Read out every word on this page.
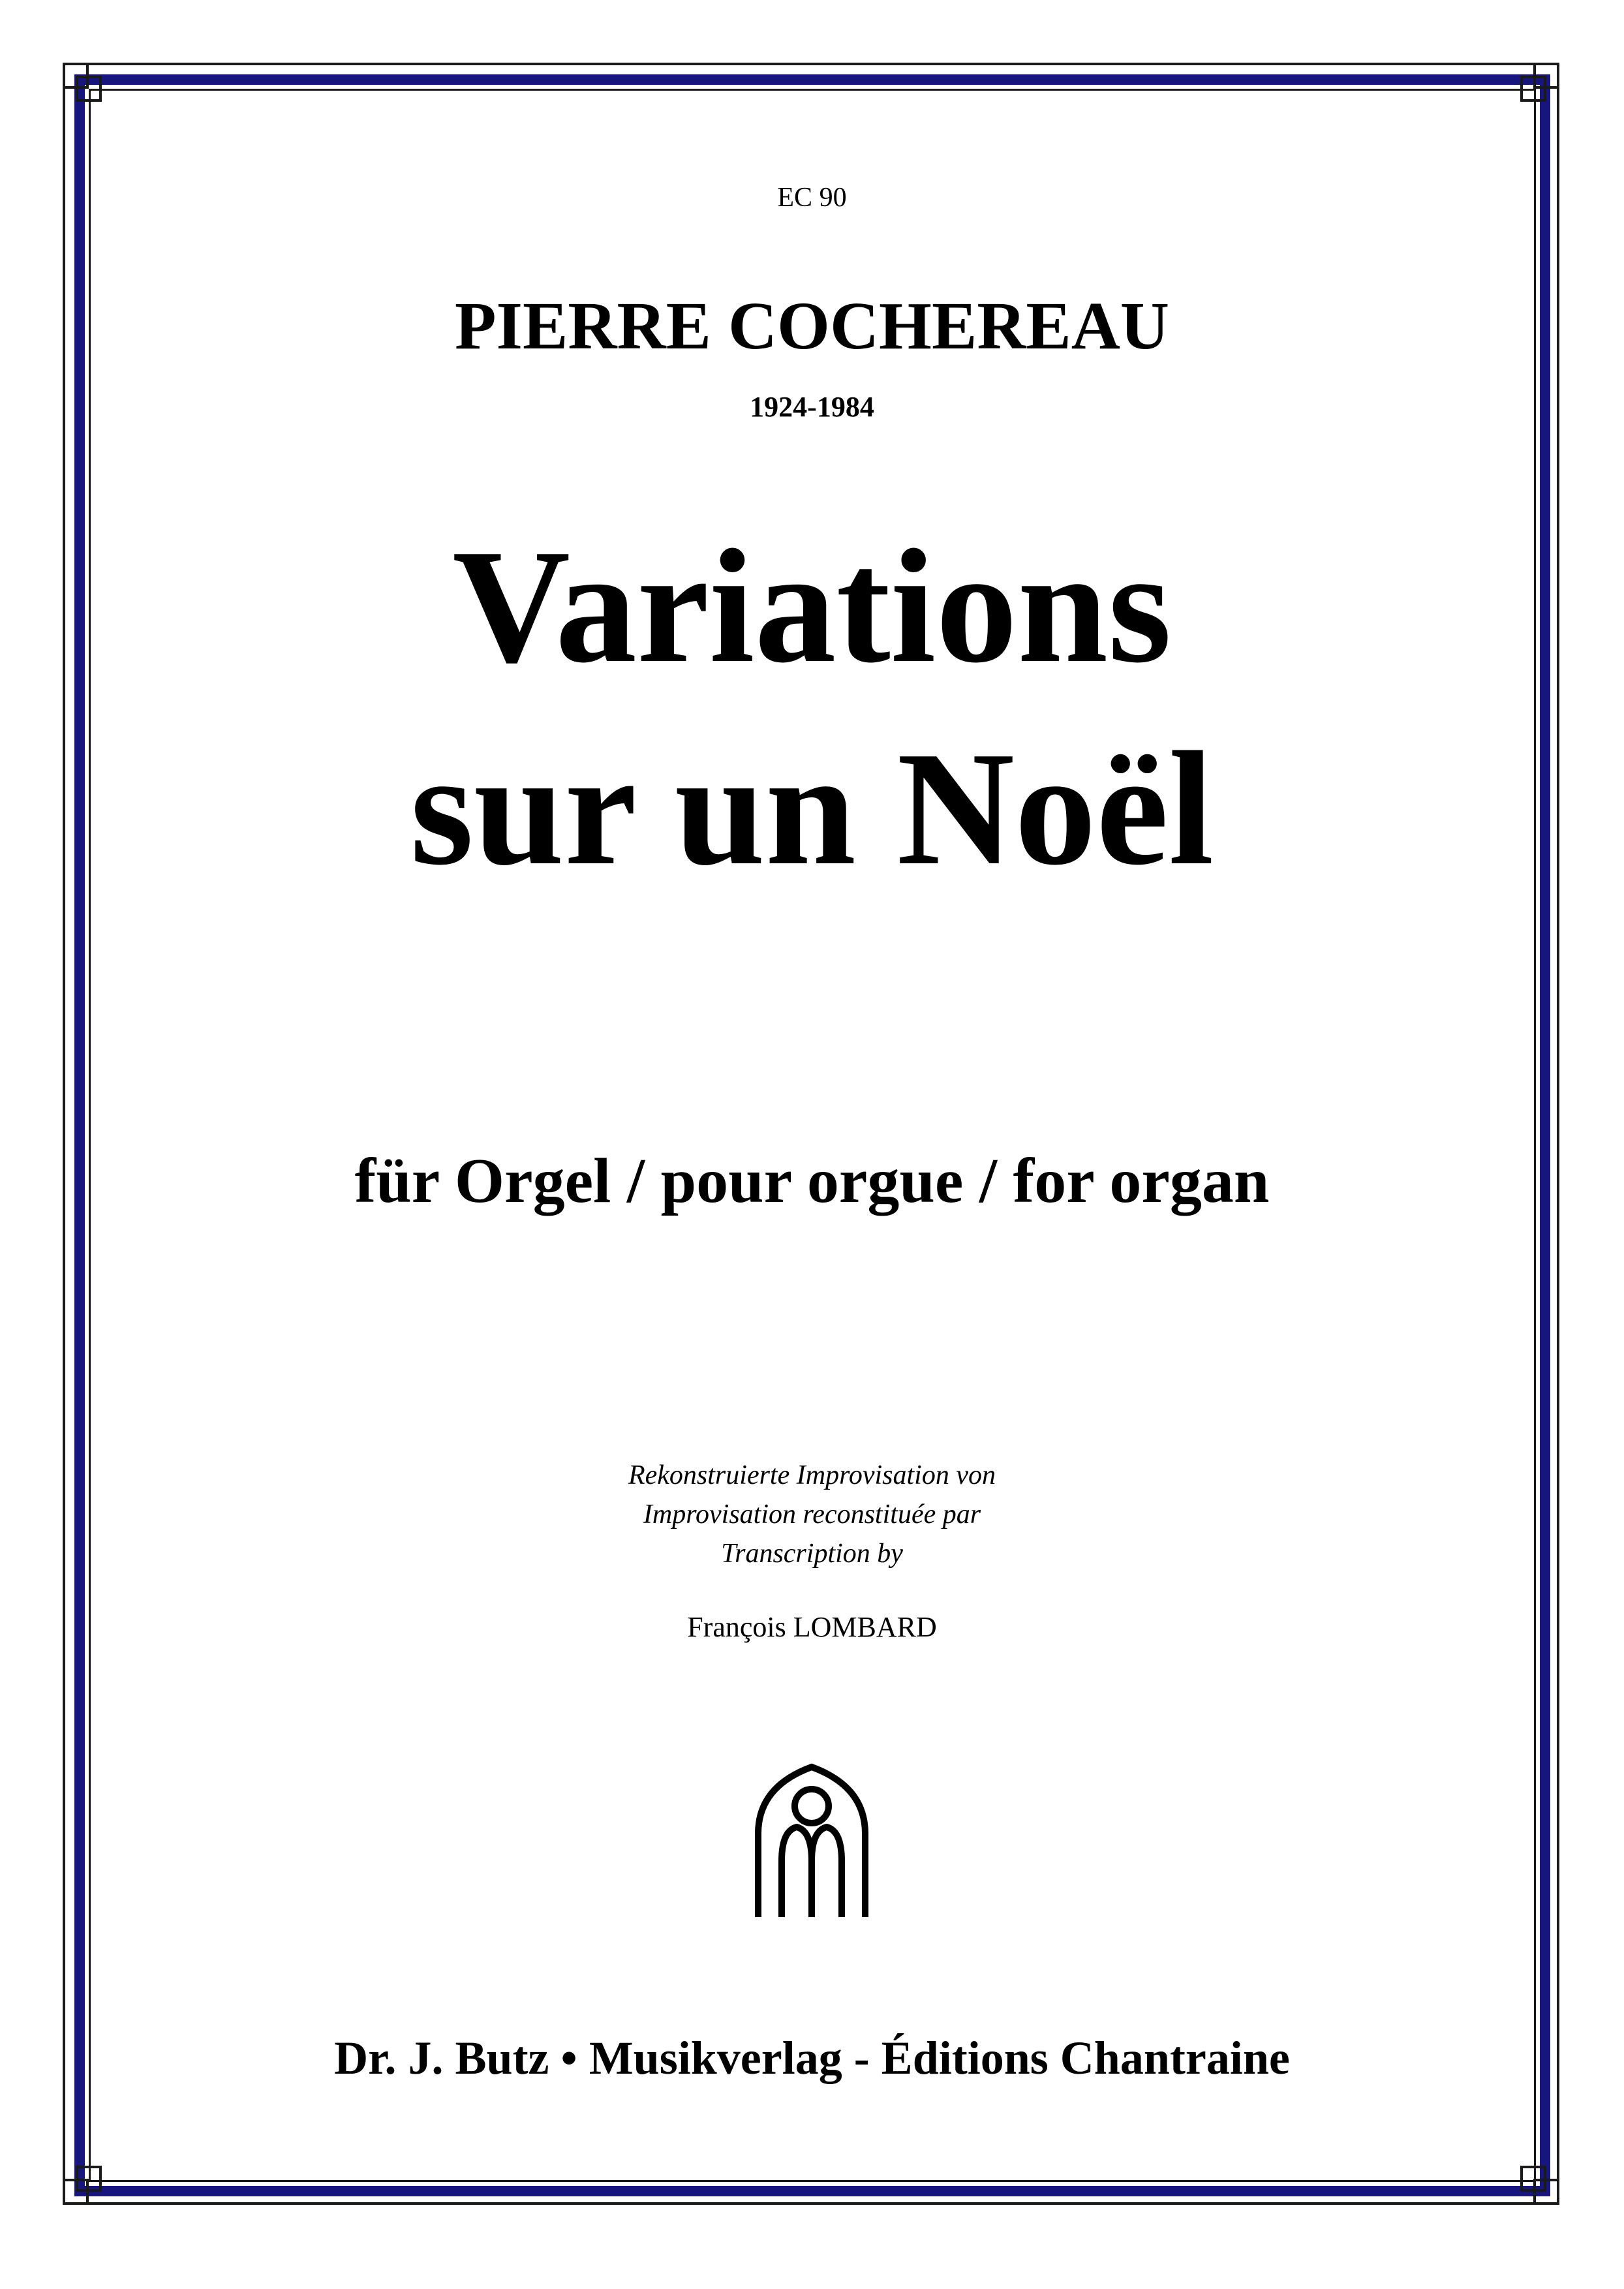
EC 90
PIERRE COCHEREAU
1924-1984
Variations
sur un Noël
für Orgel / pour orgue / for organ
Rekonstruierte Improvisation von
Improvisation reconstituée par
Transcription by
François LOMBARD
Dr. J. Butz • Musikverlag - Éditions Chantraine
